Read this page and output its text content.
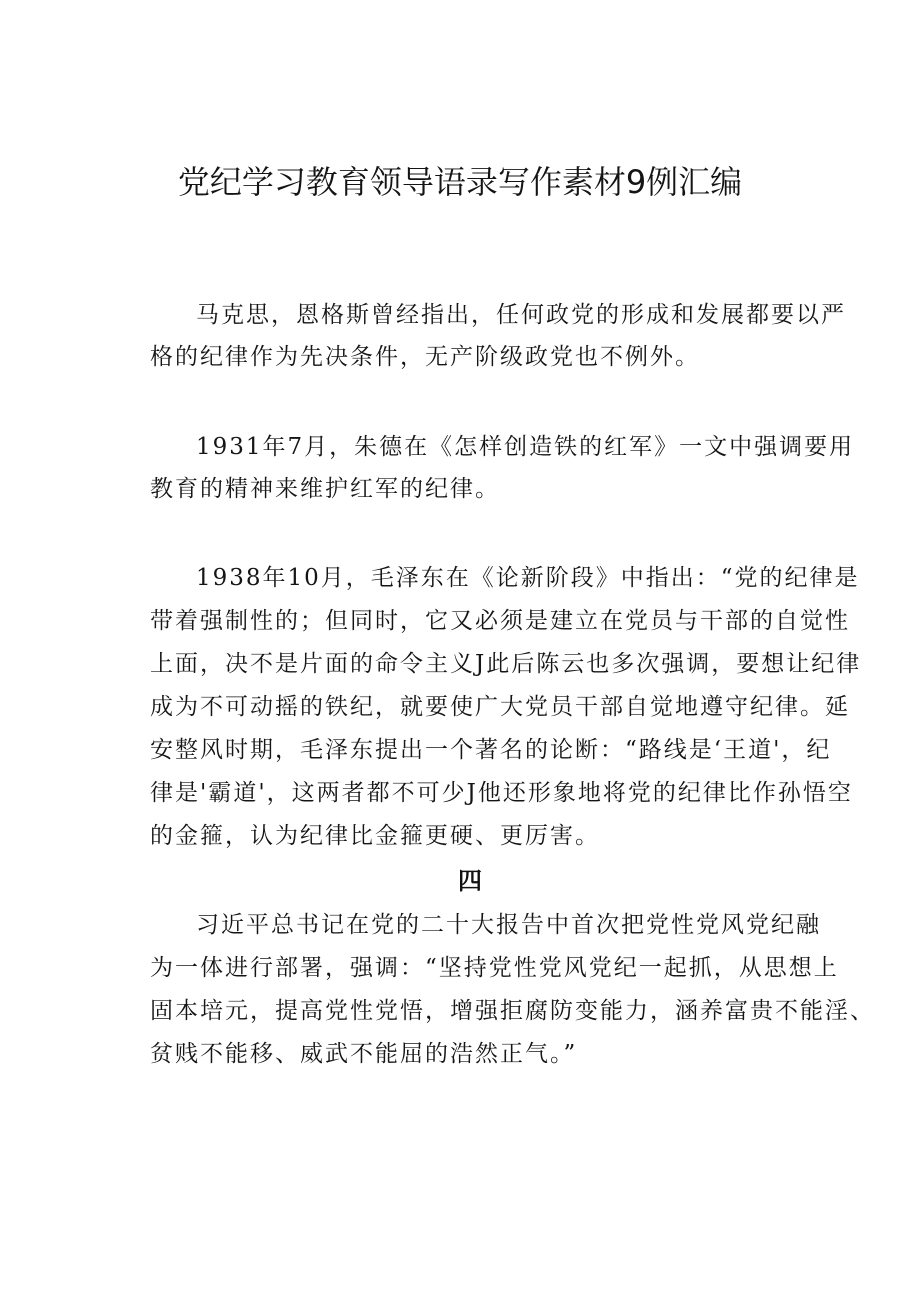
党纪学习教育领导语录写作素材9例汇编
马克思，恩格斯曾经指出，任何政党的形成和发展都要以严
格的纪律作为先决条件，无产阶级政党也不例外。
1931年7月，朱德在《怎样创造铁的红军》一文中强调要用
教育的精神来维护红军的纪律。
1938年10月，毛泽东在《论新阶段》中指出：“党的纪律是
带着强制性的；但同时，它又必须是建立在党员与干部的自觉性
上面，决不是片面的命令主义J此后陈云也多次强调，要想让纪律
成为不可动摇的铁纪，就要使广大党员干部自觉地遵守纪律。延
安整风时期，毛泽东提出一个著名的论断：“路线是‘王道'，纪
律是'霸道'，这两者都不可少J他还形象地将党的纪律比作孙悟空
的金箍，认为纪律比金箍更硬、更厉害。
四
习近平总书记在党的二十大报告中首次把党性党风党纪融
为一体进行部署，强调：“坚持党性党风党纪一起抓，从思想上
固本培元，提高党性党悟，增强拒腐防变能力，涵养富贵不能淫、
贫贱不能移、威武不能屈的浩然正气。”
